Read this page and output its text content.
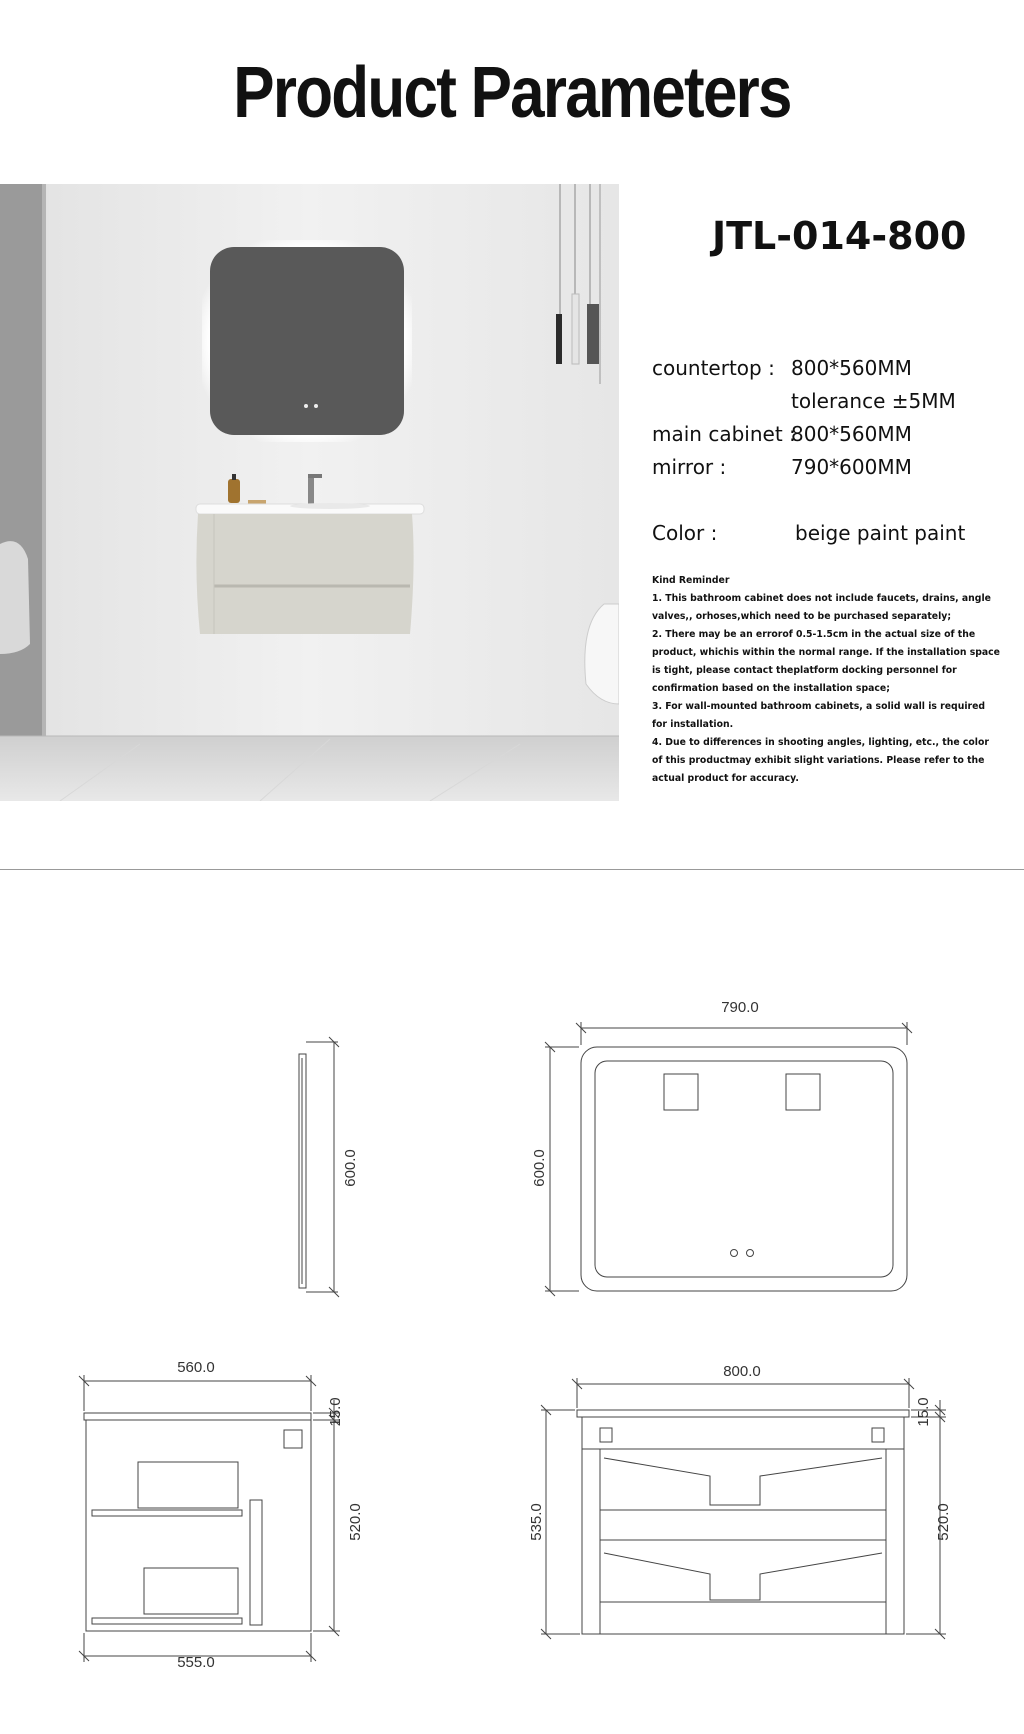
Product Parameters
JTL-014-800
countertop : 800*560MM
tolerance ±5MM
main cabinet :
800*560MM
mirror :	790*600MM
Color :	beige paint paint

Kind Reminder

1. This bathroom cabinet does not include faucets, drains, angle valves,, orhoses,which need to be purchased separately;

2. There may be an errorof 0.5-1.5cm in the actual size of the product, whichis within the normal range. If the installation space is tight, please contact theplatform docking personnel for confirmation based on the installation space;

3. For wall-mounted bathroom cabinets, a solid wall is required for installation.

4. Due to differences in shooting angles, lighting, etc., the color of this productmay exhibit slight variations. Please refer to the actual product for accuracy.

600.0
790.0
600.0
560.0
555.0
15.0
520.0
800.0
535.0
15.0
520.0
